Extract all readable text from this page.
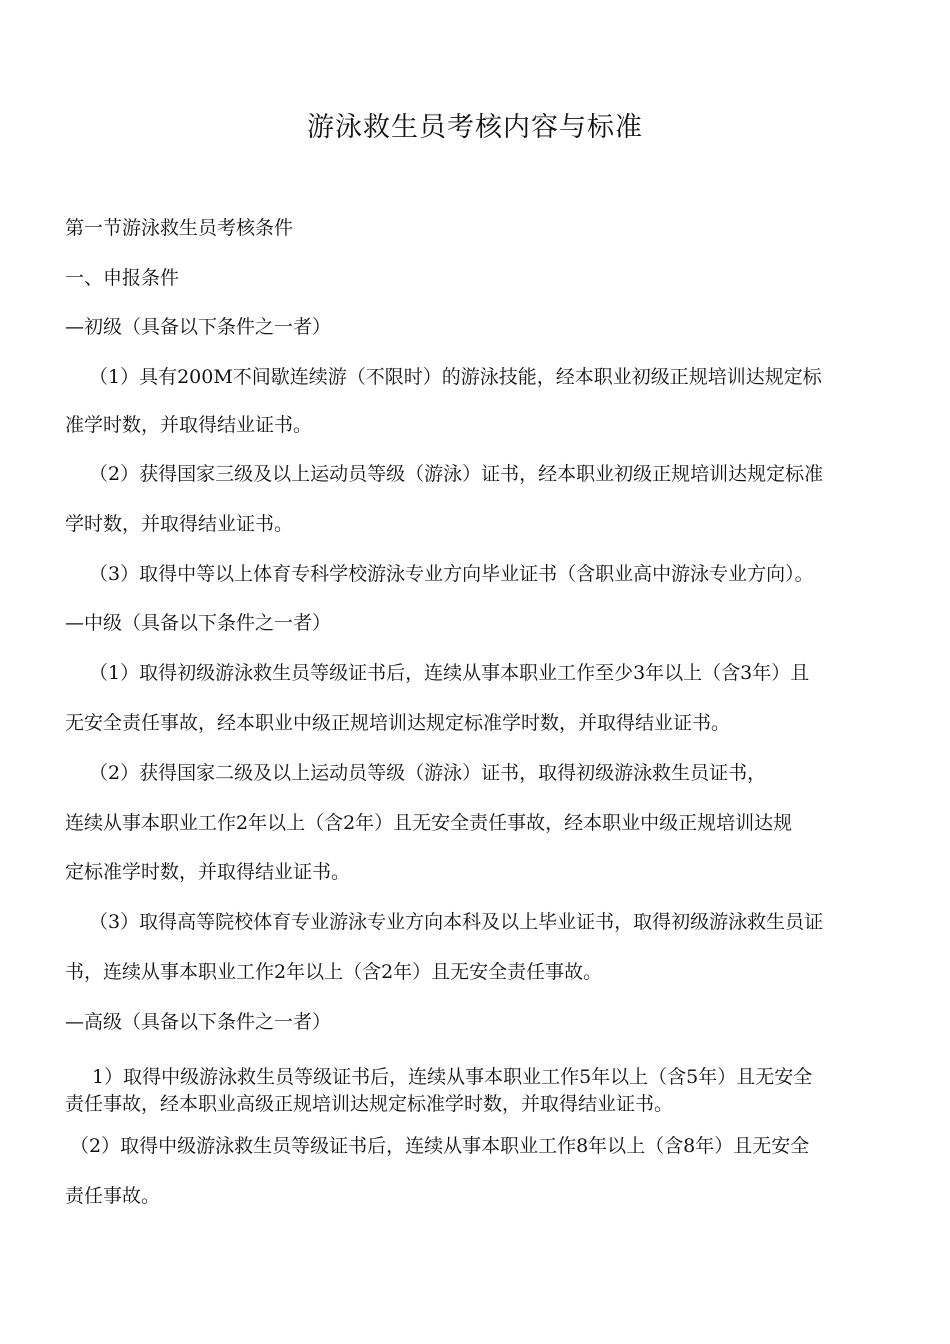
游泳救生员考核内容与标准
第一节游泳救生员考核条件
一、申报条件
—初级（具备以下条件之一者）
（1）具有200M不间歇连续游（不限时）的游泳技能，经本职业初级正规培训达规定标
准学时数，并取得结业证书。
（2）获得国家三级及以上运动员等级（游泳）证书，经本职业初级正规培训达规定标准
学时数，并取得结业证书。
（3）取得中等以上体育专科学校游泳专业方向毕业证书（含职业高中游泳专业方向）。
—中级（具备以下条件之一者）
（1）取得初级游泳救生员等级证书后，连续从事本职业工作至少3年以上（含3年）且
无安全责任事故，经本职业中级正规培训达规定标准学时数，并取得结业证书。
（2）获得国家二级及以上运动员等级（游泳）证书，取得初级游泳救生员证书，
连续从事本职业工作2年以上（含2年）且无安全责任事故，经本职业中级正规培训达规
定标准学时数，并取得结业证书。
（3）取得高等院校体育专业游泳专业方向本科及以上毕业证书，取得初级游泳救生员证
书，连续从事本职业工作2年以上（含2年）且无安全责任事故。
—高级（具备以下条件之一者）
1）取得中级游泳救生员等级证书后，连续从事本职业工作5年以上（含5年）且无安全
责任事故，经本职业高级正规培训达规定标准学时数，并取得结业证书。
（2）取得中级游泳救生员等级证书后，连续从事本职业工作8年以上（含8年）且无安全
责任事故。
